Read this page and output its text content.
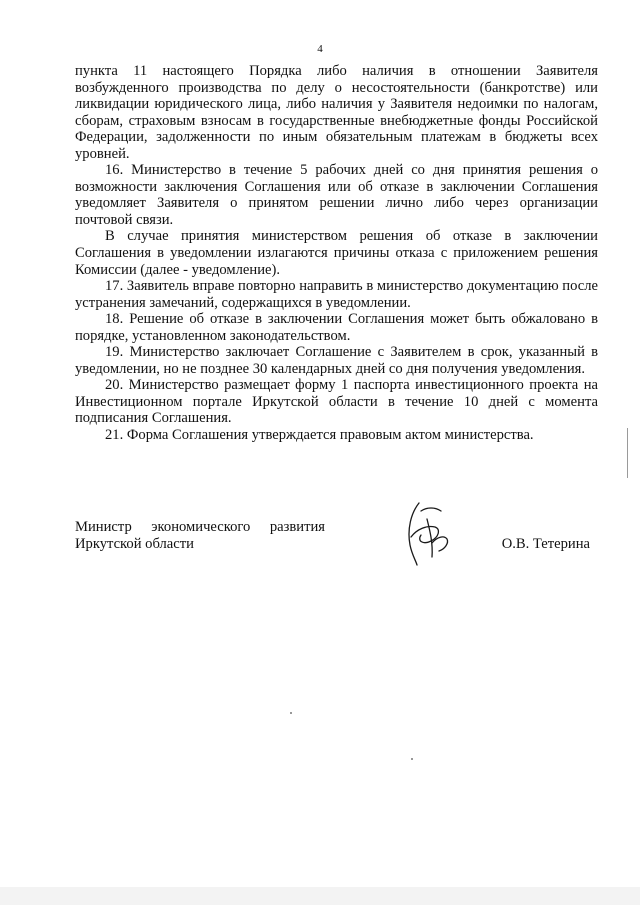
4

пункта 11 настоящего Порядка либо наличия в отношении Заявителя возбужденного производства по делу о несостоятельности (банкротстве) или ликвидации юридического лица, либо наличия у Заявителя недоимки по налогам, сборам, страховым взносам в государственные внебюджетные фонды Российской Федерации, задолженности по иным обязательным платежам в бюджеты всех уровней.

16. Министерство в течение 5 рабочих дней со дня принятия решения о возможности заключения Соглашения или об отказе в заключении Соглашения уведомляет Заявителя о принятом решении лично либо через организации почтовой связи.

В случае принятия министерством решения об отказе в заключении Соглашения в уведомлении излагаются причины отказа с приложением решения Комиссии (далее - уведомление).

17. Заявитель вправе повторно направить в министерство документацию после устранения замечаний, содержащихся в уведомлении.

18. Решение об отказе в заключении Соглашения может быть обжаловано в порядке, установленном законодательством.

19. Министерство заключает Соглашение с Заявителем в срок, указанный в уведомлении, но не позднее 30 календарных дней со дня получения уведомления.

20. Министерство размещает форму 1 паспорта инвестиционного проекта на Инвестиционном портале Иркутской области в течение 10 дней с момента подписания Соглашения.

21. Форма Соглашения утверждается правовым актом министерства.

Министр экономического развития
Иркутской области	О.В. Тетерина
